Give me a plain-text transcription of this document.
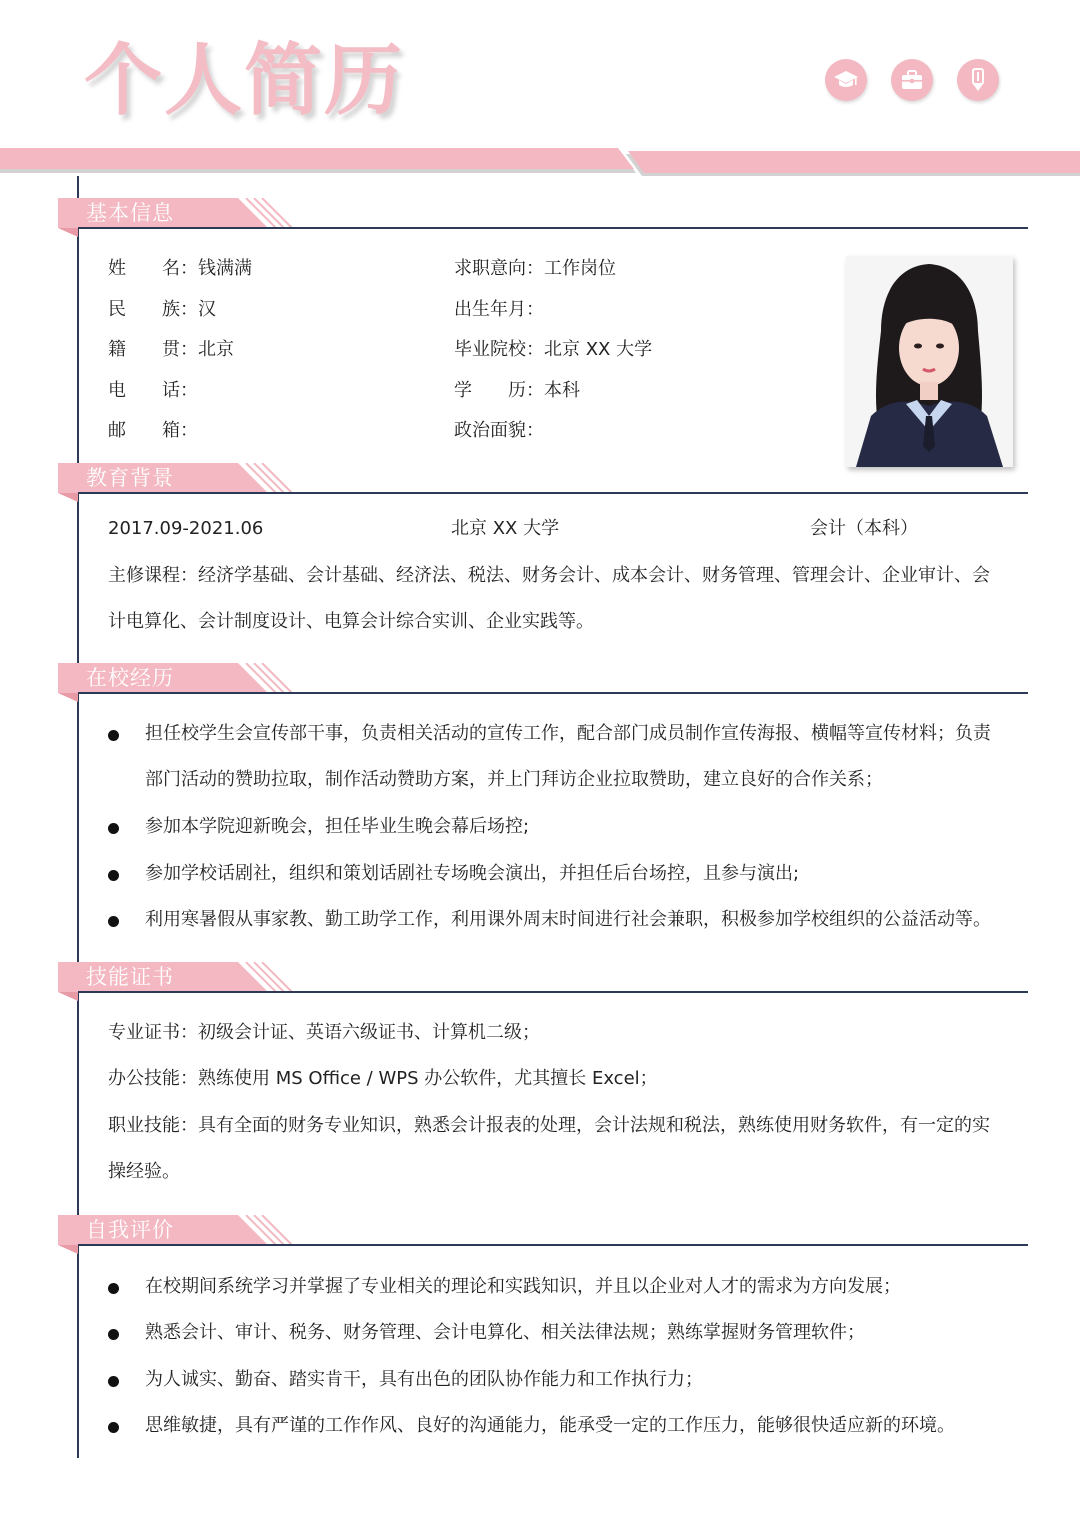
个人简历
基本信息
姓　　名：钱满满
民　　族：汉
籍　　贯：北京
电　　话：
邮　　箱：
求职意向：工作岗位
出生年月：
毕业院校：北京 XX 大学
学　　历：本科
政治面貌：
教育背景
2017.09-2021.06	北京 XX 大学	会计（本科）
主修课程：经济学基础、会计基础、经济法、税法、财务会计、成本会计、财务管理、管理会计、企业审计、会
计电算化、会计制度设计、电算会计综合实训、企业实践等。
在校经历
担任校学生会宣传部干事，负责相关活动的宣传工作，配合部门成员制作宣传海报、横幅等宣传材料；负责部门活动的赞助拉取，制作活动赞助方案，并上门拜访企业拉取赞助，建立良好的合作关系；
参加本学院迎新晚会，担任毕业生晚会幕后场控;
参加学校话剧社，组织和策划话剧社专场晚会演出，并担任后台场控，且参与演出;
利用寒暑假从事家教、勤工助学工作，利用课外周末时间进行社会兼职，积极参加学校组织的公益活动等。
技能证书
专业证书：初级会计证、英语六级证书、计算机二级；
办公技能：熟练使用 MS Office / WPS 办公软件，尤其擅长 Excel；
职业技能：具有全面的财务专业知识，熟悉会计报表的处理，会计法规和税法，熟练使用财务软件，有一定的实
操经验。
自我评价
在校期间系统学习并掌握了专业相关的理论和实践知识，并且以企业对人才的需求为方向发展；
熟悉会计、审计、税务、财务管理、会计电算化、相关法律法规；熟练掌握财务管理软件；
为人诚实、勤奋、踏实肯干，具有出色的团队协作能力和工作执行力；
思维敏捷，具有严谨的工作作风、良好的沟通能力，能承受一定的工作压力，能够很快适应新的环境。
